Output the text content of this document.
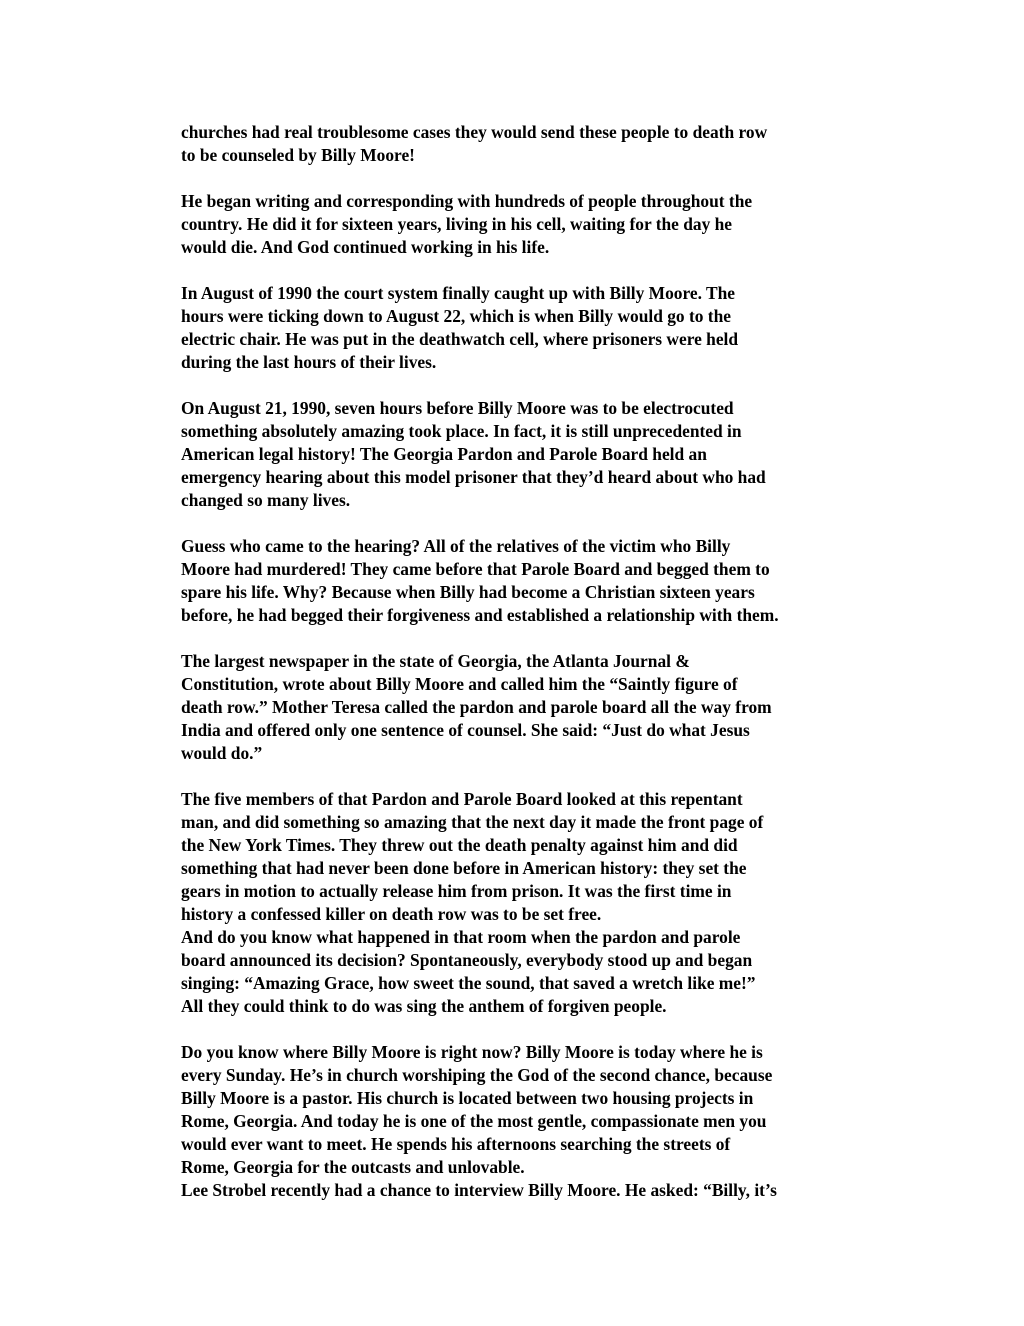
churches had real troublesome cases they would send these people to death row
to be counseled by Billy Moore!
He began writing and corresponding with hundreds of people throughout the
country. He did it for sixteen years, living in his cell, waiting for the day he
would die. And God continued working in his life.
In August of 1990 the court system finally caught up with Billy Moore. The
hours were ticking down to August 22, which is when Billy would go to the
electric chair. He was put in the deathwatch cell, where prisoners were held
during the last hours of their lives.
On August 21, 1990, seven hours before Billy Moore was to be electrocuted
something absolutely amazing took place. In fact, it is still unprecedented in
American legal history! The Georgia Pardon and Parole Board held an
emergency hearing about this model prisoner that they’d heard about who had
changed so many lives.
Guess who came to the hearing? All of the relatives of the victim who Billy
Moore had murdered! They came before that Parole Board and begged them to
spare his life. Why? Because when Billy had become a Christian sixteen years
before, he had begged their forgiveness and established a relationship with them.
The largest newspaper in the state of Georgia, the Atlanta Journal &
Constitution, wrote about Billy Moore and called him the “Saintly figure of
death row.” Mother Teresa called the pardon and parole board all the way from
India and offered only one sentence of counsel. She said: “Just do what Jesus
would do.”
The five members of that Pardon and Parole Board looked at this repentant
man, and did something so amazing that the next day it made the front page of
the New York Times. They threw out the death penalty against him and did
something that had never been done before in American history: they set the
gears in motion to actually release him from prison. It was the first time in
history a confessed killer on death row was to be set free.
And do you know what happened in that room when the pardon and parole
board announced its decision? Spontaneously, everybody stood up and began
singing: “Amazing Grace, how sweet the sound, that saved a wretch like me!”
All they could think to do was sing the anthem of forgiven people.
Do you know where Billy Moore is right now? Billy Moore is today where he is
every Sunday. He’s in church worshiping the God of the second chance, because
Billy Moore is a pastor. His church is located between two housing projects in
Rome, Georgia. And today he is one of the most gentle, compassionate men you
would ever want to meet. He spends his afternoons searching the streets of
Rome, Georgia for the outcasts and unlovable.
Lee Strobel recently had a chance to interview Billy Moore. He asked: “Billy, it’s
